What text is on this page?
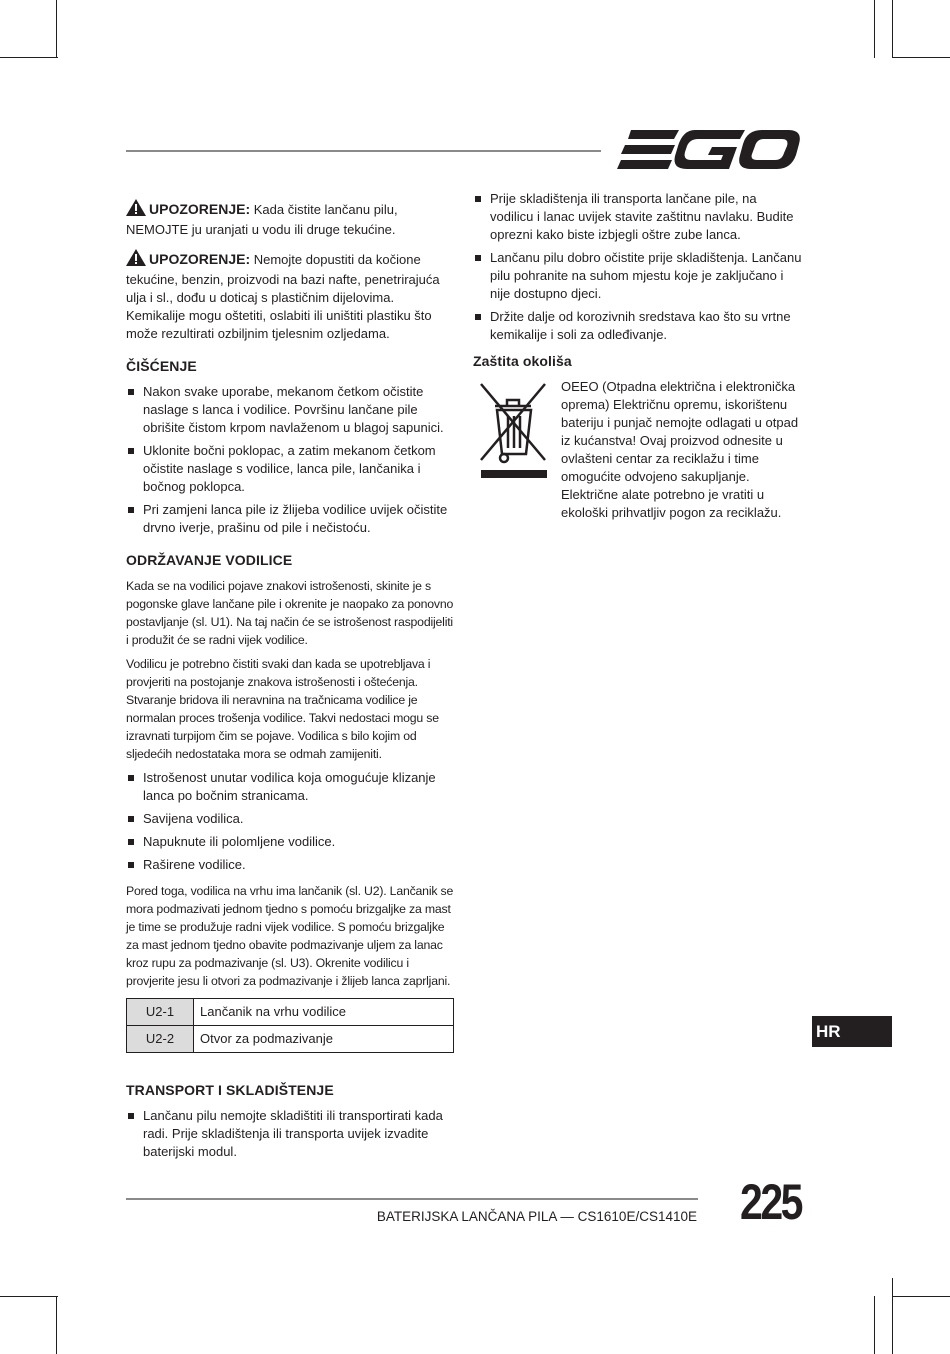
UPOZORENJE: Kada čistite lančanu pilu, NEMOJTE ju uranjati u vodu ili druge tekućine.

UPOZORENJE: Nemojte dopustiti da kočione tekućine, benzin, proizvodi na bazi nafte, penetrirajuća ulja i sl., dođu u doticaj s plastičnim dijelovima. Kemikalije mogu oštetiti, oslabiti ili uništiti plastiku što može rezultirati ozbiljnim tjelesnim ozljedama.

ČIŠĆENJE
Nakon svake uporabe, mekanom četkom očistite naslage s lanca i vodilice. Površinu lančane pile obrišite čistom krpom navlaženom u blagoj sapunici.
Uklonite bočni poklopac, a zatim mekanom četkom očistite naslage s vodilice, lanca pile, lančanika i bočnog poklopca.
Pri zamjeni lanca pile iz žlijeba vodilice uvijek očistite drvno iverje, prašinu od pile i nečistoću.
ODRŽAVANJE VODILICE

Kada se na vodilici pojave znakovi istrošenosti, skinite je s pogonske glave lančane pile i okrenite je naopako za ponovno postavljanje (sl. U1). Na taj način će se istrošenost raspodijeliti i produžit će se radni vijek vodilice.

Vodilicu je potrebno čistiti svaki dan kada se upotrebljava i provjeriti na postojanje znakova istrošenosti i oštećenja. Stvaranje bridova ili neravnina na tračnicama vodilice je normalan proces trošenja vodilice. Takvi nedostaci mogu se izravnati turpijom čim se pojave. Vodilica s bilo kojim od sljedećih nedostataka mora se odmah zamijeniti.

Istrošenost unutar vodilica koja omogućuje klizanje lanca po bočnim stranicama.
Savijena vodilica.
Napuknute ili polomljene vodilice.
Raširene vodilice.

Pored toga, vodilica na vrhu ima lančanik (sl. U2). Lančanik se mora podmazivati jednom tjedno s pomoću brizgaljke za mast je time se produžuje radni vijek vodilice. S pomoću brizgaljke za mast jednom tjedno obavite podmazivanje uljem za lanac kroz rupu za podmazivanje (sl. U3). Okrenite vodilicu i provjerite jesu li otvori za podmazivanje i žlijeb lanca zaprljani.

U2-1	Lančanik na vrhu vodilice
U2-2	Otvor za podmazivanje
TRANSPORT I SKLADIŠTENJE
Lančanu pilu nemojte skladištiti ili transportirati kada radi. Prije skladištenja ili transporta uvijek izvadite baterijski modul.
Prije skladištenja ili transporta lančane pile, na vodilicu i lanac uvijek stavite zaštitnu navlaku. Budite oprezni kako biste izbjegli oštre zube lanca.
Lančanu pilu dobro očistite prije skladištenja. Lančanu pilu pohranite na suhom mjestu koje je zaključano i nije dostupno djeci.
Držite dalje od korozivnih sredstava kao što su vrtne kemikalije i soli za odleđivanje.
Zaštita okoliša
OEEO (Otpadna električna i elektronička oprema) Električnu opremu, iskorištenu bateriju i punjač nemojte odlagati u otpad iz kućanstva! Ovaj proizvod odnesite u ovlašteni centar za reciklažu i time omogućite odvojeno sakupljanje. Električne alate potrebno je vratiti u ekološki prihvatljiv pogon za reciklažu.
HR
BATERIJSKA LANČANA PILA — CS1610E/CS1410E 225
